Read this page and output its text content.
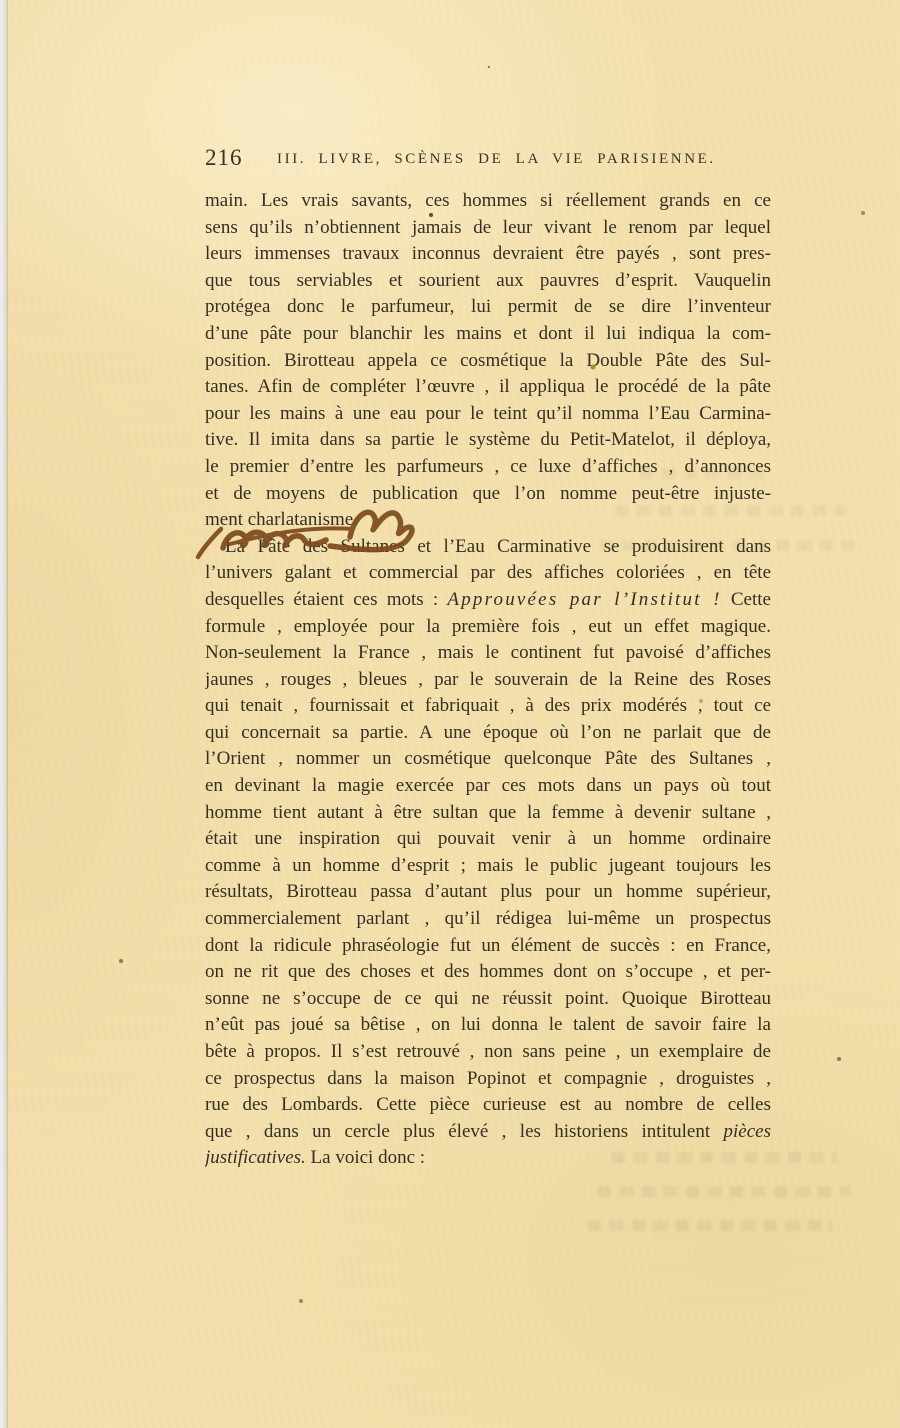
216 III. LIVRE, SCÈNES DE LA VIE PARISIENNE.
main. Les vrais savants, ces hommes si réellement grands en ce
sens qu’ils n’obtiennent jamais de leur vivant le renom par lequel
leurs immenses travaux inconnus devraient être payés , sont pres-
que tous serviables et sourient aux pauvres d’esprit. Vauquelin
protégea donc le parfumeur, lui permit de se dire l’inventeur
d’une pâte pour blanchir les mains et dont il lui indiqua la com-
position. Birotteau appela ce cosmétique la Double Pâte des Sul-
tanes. Afin de compléter l’œuvre , il appliqua le procédé de la pâte
pour les mains à une eau pour le teint qu’il nomma l’Eau Carmina-
tive. Il imita dans sa partie le système du Petit-Matelot, il déploya,
le premier d’entre les parfumeurs , ce luxe d’affiches , d’annonces
et de moyens de publication que l’on nomme peut-être injuste-
ment charlatanisme.
La Pâte des Sultanes et l’Eau Carminative se produisirent dans
l’univers galant et commercial par des affiches coloriées , en tête
desquelles étaient ces mots : Approuvées par l’Institut ! Cette
formule , employée pour la première fois , eut un effet magique.
Non-seulement la France , mais le continent fut pavoisé d’affiches
jaunes , rouges , bleues , par le souverain de la Reine des Roses
qui tenait , fournissait et fabriquait , à des prix modérés , tout ce
qui concernait sa partie. A une époque où l’on ne parlait que de
l’Orient , nommer un cosmétique quelconque Pâte des Sultanes ,
en devinant la magie exercée par ces mots dans un pays où tout
homme tient autant à être sultan que la femme à devenir sultane ,
était une inspiration qui pouvait venir à un homme ordinaire
comme à un homme d’esprit ; mais le public jugeant toujours les
résultats, Birotteau passa d’autant plus pour un homme supérieur,
commercialement parlant , qu’il rédigea lui-même un prospectus
dont la ridicule phraséologie fut un élément de succès : en France,
on ne rit que des choses et des hommes dont on s’occupe , et per-
sonne ne s’occupe de ce qui ne réussit point. Quoique Birotteau
n’eût pas joué sa bêtise , on lui donna le talent de savoir faire la
bête à propos. Il s’est retrouvé , non sans peine , un exemplaire de
ce prospectus dans la maison Popinot et compagnie , droguistes ,
rue des Lombards. Cette pièce curieuse est au nombre de celles
que , dans un cercle plus élevé , les historiens intitulent pièces
justificatives. La voici donc :
